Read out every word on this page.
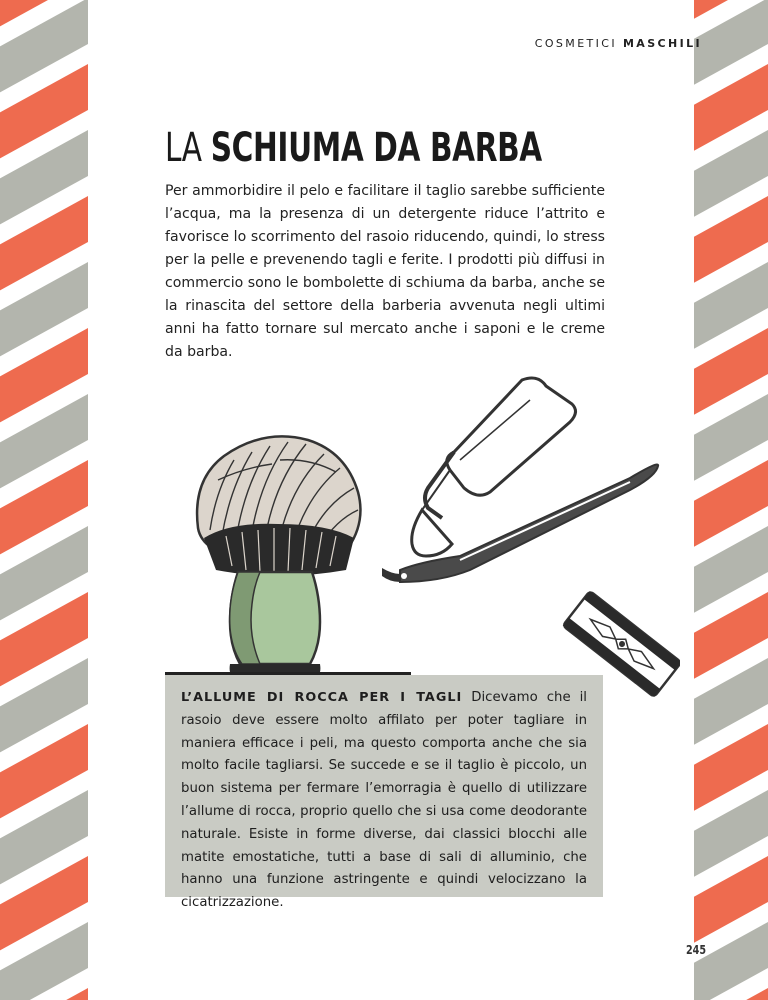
COSMETICI MASCHILI
LA SCHIUMA DA BARBA

Per ammorbidire il pelo e facilitare il taglio sarebbe sufficiente l’acqua, ma la presenza di un detergente riduce l’attrito e favorisce lo scorrimento del rasoio riducendo, quindi, lo stress per la pelle e prevenendo tagli e ferite. I prodotti più diffusi in commercio sono le bombolette di schiuma da barba, anche se la rinascita del settore della barberia avvenuta negli ultimi anni ha fatto tornare sul mercato anche i saponi e le creme da barba.

L’ALLUME DI ROCCA PER I TAGLI Dicevamo che il rasoio deve essere molto affilato per poter tagliare in maniera efficace i peli, ma questo comporta anche che sia molto facile tagliarsi. Se succede e se il taglio è piccolo, un buon sistema per fermare l’emorragia è quello di utilizzare l’allume di rocca, proprio quello che si usa come deodorante naturale. Esiste in forme diverse, dai classici blocchi alle matite emostatiche, tutti a base di sali di alluminio, che hanno una funzione astringente e quindi velocizzano la cicatrizzazione.

245
